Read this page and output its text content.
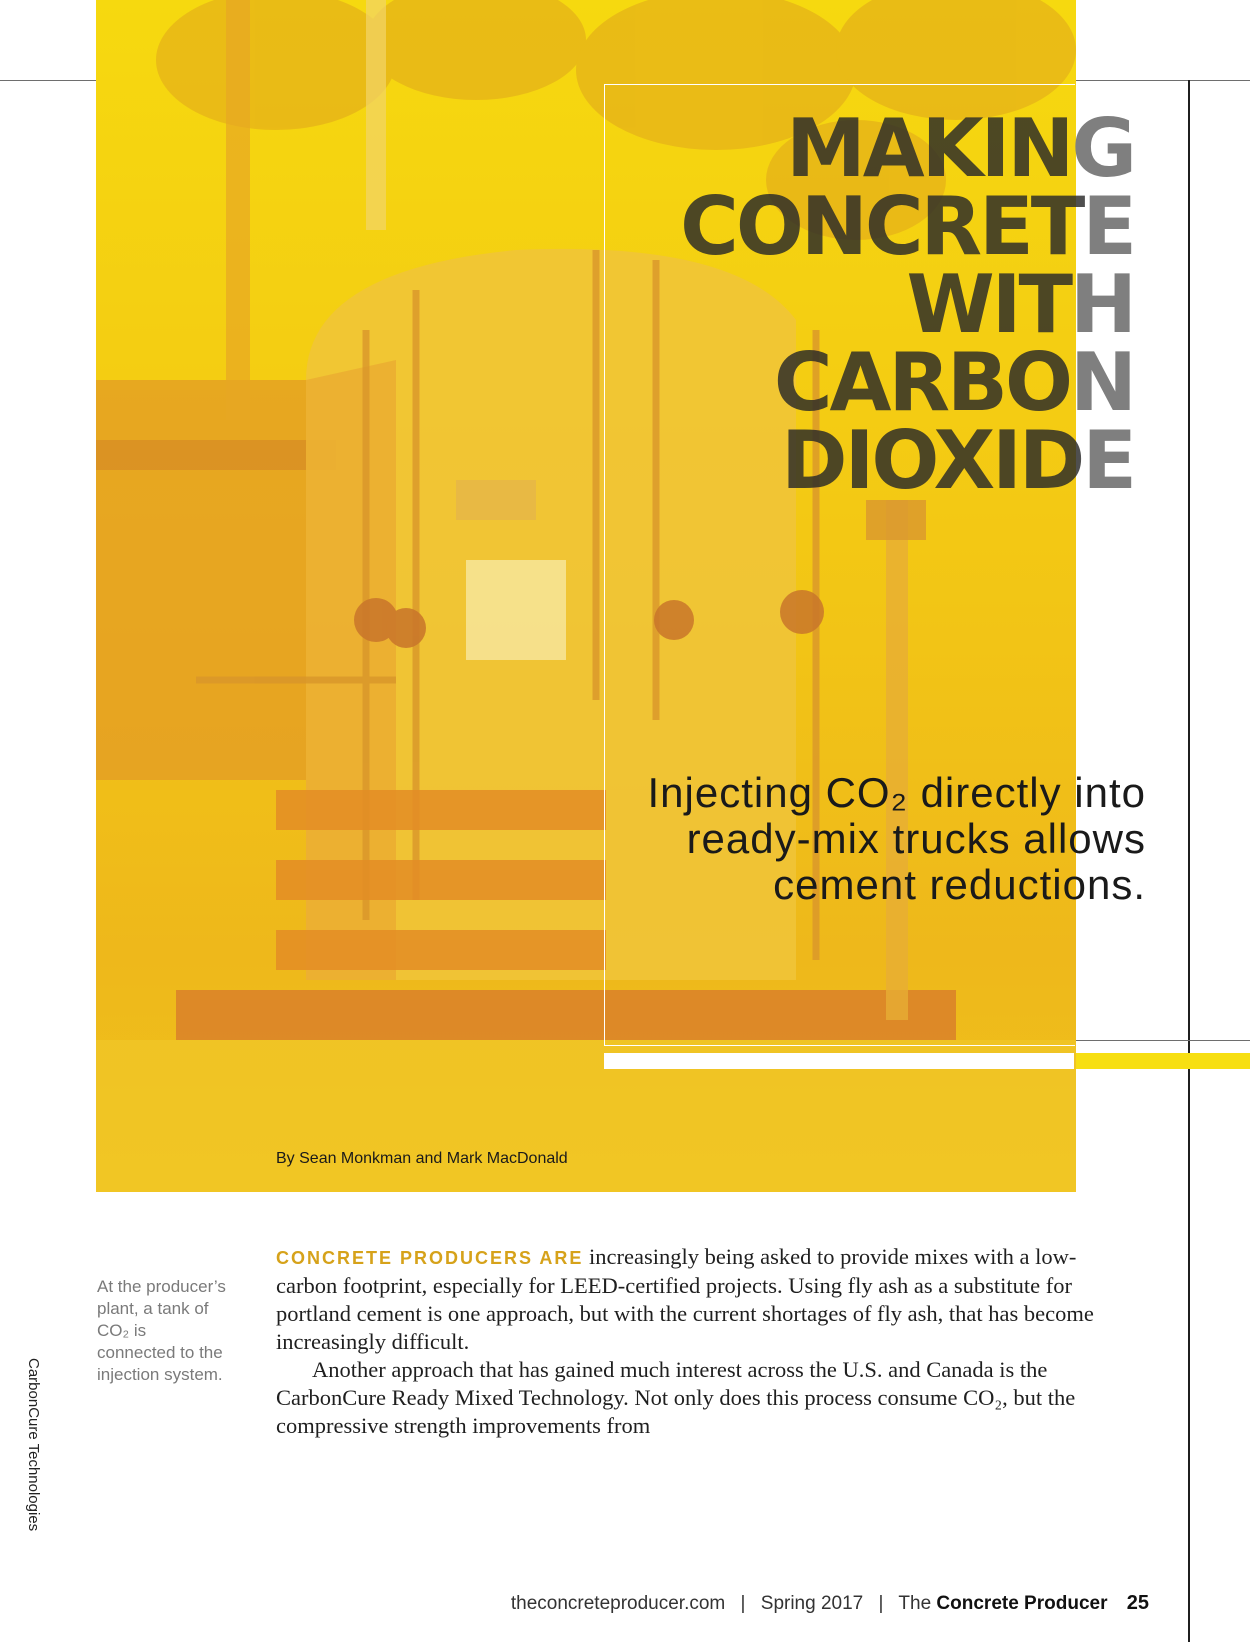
By Sean Monkman and Mark MacDonald
MAKING
CONCRETE
WITH
CARBON
DIOXIDE

Injecting CO₂ directly into ready-mix trucks allows cement reductions.

At the producer’s plant, a tank of CO₂ is connected to the injection system.

CarbonCure Technologies

CONCRETE PRODUCERS ARE increasingly being asked to provide mixes with a low-carbon footprint, especially for LEED-certified projects. Using fly ash as a substitute for portland cement is one approach, but with the current shortages of fly ash, that has become increasingly difficult.
Another approach that has gained much interest across the U.S. and Canada is the CarbonCure Ready Mixed Technology. Not only does this process consume CO₂, but the compressive strength improvements from

theconcreteproducer.com | Spring 2017 | The Concrete Producer 25
